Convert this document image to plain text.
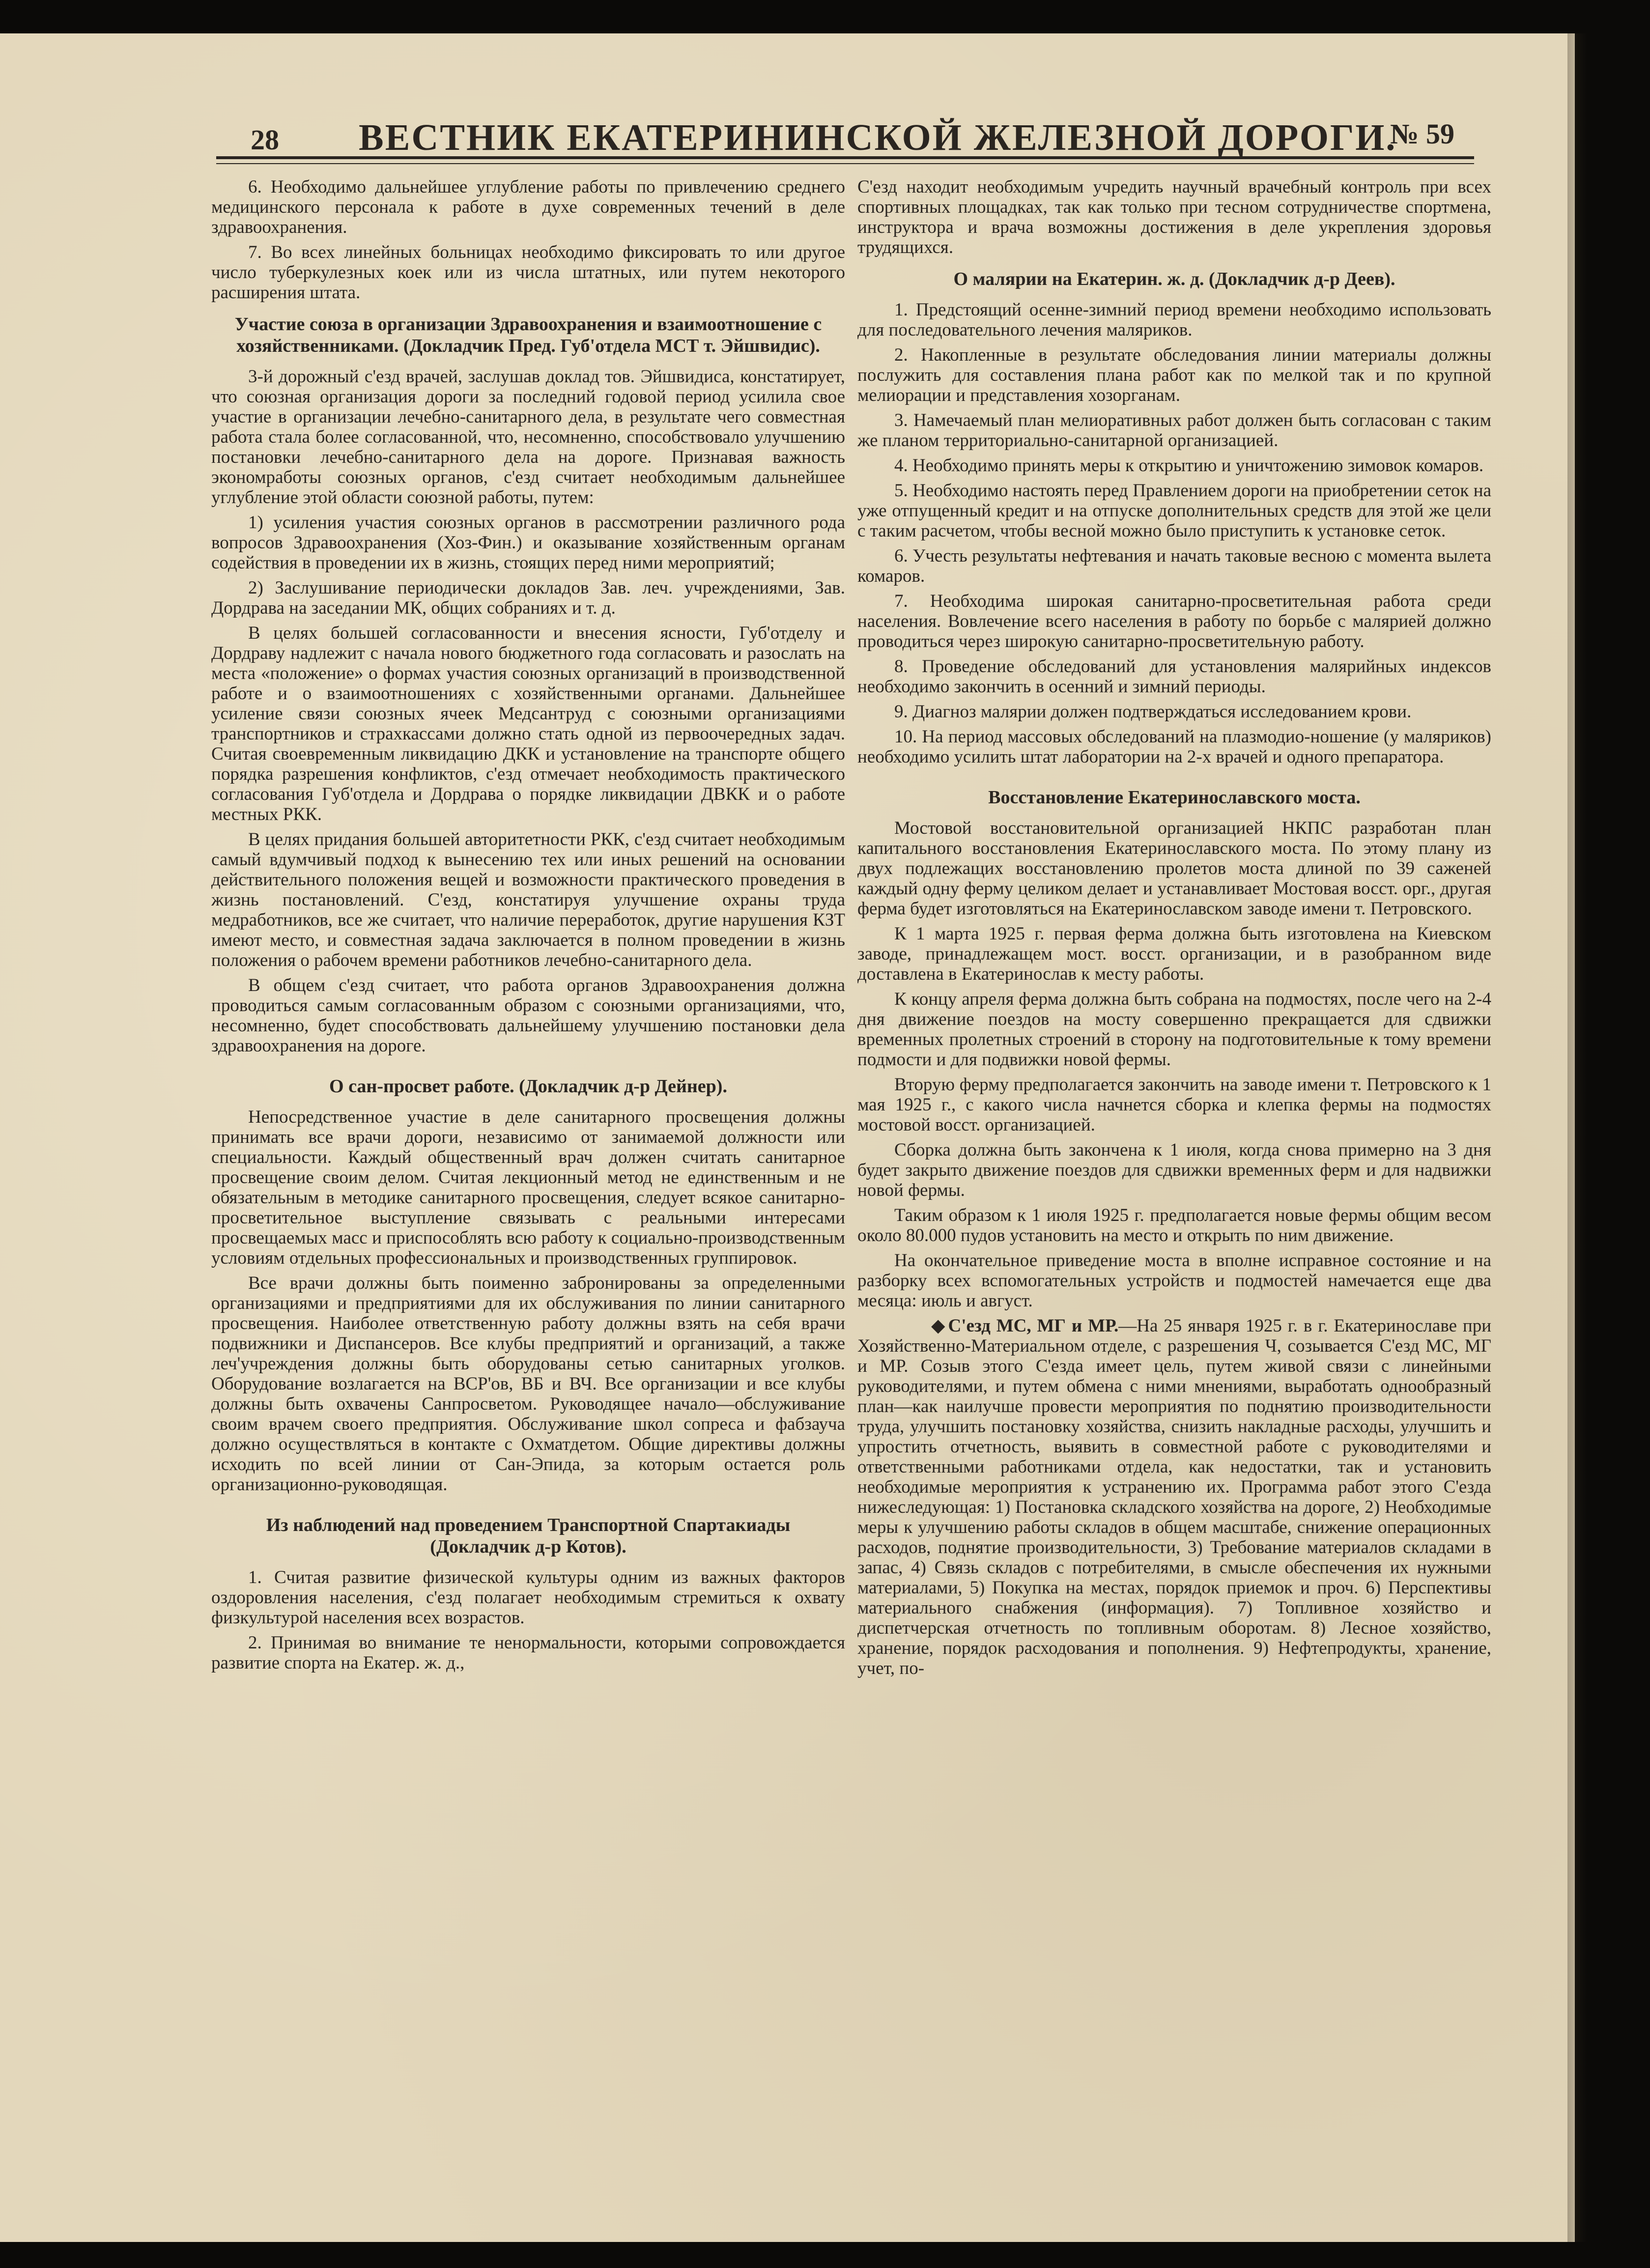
28 ВЕСТНИК ЕКАТЕРИНИНСКОЙ ЖЕЛЕЗНОЙ ДОРОГИ.
№ 59

6. Необходимо дальнейшее углубление работы по привлечению среднего медицинского персонала к работе в духе современных течений в деле здравоохранения.

7. Во всех линейных больницах необходимо фиксировать то или другое число туберкулезных коек или из числа штатных, или путем некоторого расширения штата.

Участие союза в организации Здравоохранения и взаимоотношение с хозяйственниками. (Докладчик Пред. Губ'отдела МСТ т. Эйшвидис).

3-й дорожный с'езд врачей, заслушав доклад тов. Эйшвидиса, констатирует, что союзная организация дороги за последний годовой период усилила свое участие в организации лечебно-санитарного дела, в результате чего совместная работа стала более согласованной, что, несомненно, способствовало улучшению постановки лечебно-санитарного дела на дороге. Признавая важность экономработы союзных органов, с'езд считает необходимым дальнейшее углубление этой области союзной работы, путем:

1) усиления участия союзных органов в рассмотрении различного рода вопросов Здравоохранения (Хоз-Фин.) и оказывание хозяйственным органам содействия в проведении их в жизнь, стоящих перед ними мероприятий;

2) Заслушивание периодически докладов Зав. леч. учреждениями, Зав. Дордрава на заседании МК, общих собраниях и т. д.

В целях большей согласованности и внесения ясности, Губ'отделу и Дордраву надлежит с начала нового бюджетного года согласовать и разослать на места «положение» о формах участия союзных организаций в производственной работе и о взаимоотношениях с хозяйственными органами. Дальнейшее усиление связи союзных ячеек Медсантруд с союзными организациями транспортников и страхкассами должно стать одной из первоочередных задач. Считая своевременным ликвидацию ДКК и установление на транспорте общего порядка разрешения конфликтов, с'езд отмечает необходимость практического согласования Губ'отдела и Дордрава о порядке ликвидации ДВКК и о работе местных РКК.

В целях придания большей авторитетности РКК, с'езд считает необходимым самый вдумчивый подход к вынесению тех или иных решений на основании действительного положения вещей и возможности практического проведения в жизнь постановлений. С'езд, констатируя улучшение охраны труда медработников, все же считает, что наличие переработок, другие нарушения КЗТ имеют место, и совместная задача заключается в полном проведении в жизнь положения о рабочем времени работников лечебно-санитарного дела.

В общем с'езд считает, что работа органов Здравоохранения должна проводиться самым согласованным образом с союзными организациями, что, несомненно, будет способствовать дальнейшему улучшению постановки дела здравоохранения на дороге.

О сан-просвет работе. (Докладчик д-р Дейнер).

Непосредственное участие в деле санитарного просвещения должны принимать все врачи дороги, независимо от занимаемой должности или специальности. Каждый общественный врач должен считать санитарное просвещение своим делом. Считая лекционный метод не единственным и не обязательным в методике санитарного просвещения, следует всякое санитарно-просветительное выступление связывать с реальными интересами просвещаемых масс и приспособлять всю работу к социально-производственным условиям отдельных профессиональных и производственных группировок.

Все врачи должны быть поименно забронированы за определенными организациями и предприятиями для их обслуживания по линии санитарного просвещения. Наиболее ответственную работу должны взять на себя врачи подвижники и Диспансеров. Все клубы предприятий и организаций, а также леч'учреждения должны быть оборудованы сетью санитарных уголков. Оборудование возлагается на ВСР'ов, ВБ и ВЧ. Все организации и все клубы должны быть охвачены Санпросветом. Руководящее начало—обслуживание своим врачем своего предприятия. Обслуживание школ сопреса и фабзауча должно осуществляться в контакте с Охматдетом. Общие директивы должны исходить по всей линии от Сан-Эпида, за которым остается роль организационно-руководящая.

Из наблюдений над проведением Транспортной Спартакиады (Докладчик д-р Котов).

1. Считая развитие физической культуры одним из важных факторов оздоровления населения, с'езд полагает необходимым стремиться к охвату физкультурой населения всех возрастов.

2. Принимая во внимание те ненормальности, которыми сопровождается развитие спорта на Екатер. ж. д.,

С'езд находит необходимым учредить научный врачебный контроль при всех спортивных площадках, так как только при тесном сотрудничестве спортмена, инструктора и врача возможны достижения в деле укрепления здоровья трудящихся.

О малярии на Екатерин. ж. д. (Докладчик д-р Деев).

1. Предстоящий осенне-зимний период времени необходимо использовать для последовательного лечения маляриков.

2. Накопленные в результате обследования линии материалы должны послужить для составления плана работ как по мелкой так и по крупной мелиорации и представления хозорганам.

3. Намечаемый план мелиоративных работ должен быть согласован с таким же планом территориально-санитарной организацией.

4. Необходимо принять меры к открытию и уничтожению зимовок комаров.

5. Необходимо настоять перед Правлением дороги на приобретении сеток на уже отпущенный кредит и на отпуске дополнительных средств для этой же цели с таким расчетом, чтобы весной можно было приступить к установке сеток.

6. Учесть результаты нефтевания и начать таковые весною с момента вылета комаров.

7. Необходима широкая санитарно-просветительная работа среди населения. Вовлечение всего населения в работу по борьбе с малярией должно проводиться через широкую санитарно-просветительную работу.

8. Проведение обследований для установления малярийных индексов необходимо закончить в осенний и зимний периоды.

9. Диагноз малярии должен подтверждаться исследованием крови.

10. На период массовых обследований на плазмодио-ношение (у маляриков) необходимо усилить штат лаборатории на 2-х врачей и одного препаратора.

Восстановление Екатеринославского моста.

Мостовой восстановительной организацией НКПС разработан план капитального восстановления Екатеринославского моста. По этому плану из двух подлежащих восстановлению пролетов моста длиной по 39 саженей каждый одну ферму целиком делает и устанавливает Мостовая восст. орг., другая ферма будет изготовляться на Екатеринославском заводе имени т. Петровского.

К 1 марта 1925 г. первая ферма должна быть изготовлена на Киевском заводе, принадлежащем мост. восст. организации, и в разобранном виде доставлена в Екатеринослав к месту работы.

К концу апреля ферма должна быть собрана на подмостях, после чего на 2-4 дня движение поездов на мосту совершенно прекращается для сдвижки временных пролетных строений в сторону на подготовительные к тому времени подмости и для подвижки новой фермы.

Вторую ферму предполагается закончить на заводе имени т. Петровского к 1 мая 1925 г., с какого числа начнется сборка и клепка фермы на подмостях мостовой восст. организацией.

Сборка должна быть закончена к 1 июля, когда снова примерно на 3 дня будет закрыто движение поездов для сдвижки временных ферм и для надвижки новой фермы.

Таким образом к 1 июля 1925 г. предполагается новые фермы общим весом около 80.000 пудов установить на место и открыть по ним движение.

На окончательное приведение моста в вполне исправное состояние и на разборку всех вспомогательных устройств и подмостей намечается еще два месяца: июль и август.

◆ С'езд МС, МГ и МР.—На 25 января 1925 г. в г. Екатеринославе при Хозяйственно-Материальном отделе, с разрешения Ч, созывается С'езд МС, МГ и МР. Созыв этого С'езда имеет цель, путем живой связи с линейными руководителями, и путем обмена с ними мнениями, выработать однообразный план—как наилучше провести мероприятия по поднятию производительности труда, улучшить постановку хозяйства, снизить накладные расходы, улучшить и упростить отчетность, выявить в совместной работе с руководителями и ответственными работниками отдела, как недостатки, так и установить необходимые мероприятия к устранению их. Программа работ этого С'езда нижеследующая: 1) Постановка складского хозяйства на дороге, 2) Необходимые меры к улучшению работы складов в общем масштабе, снижение операционных расходов, поднятие производительности, 3) Требование материалов складами в запас, 4) Связь складов с потребителями, в смысле обеспечения их нужными материалами, 5) Покупка на местах, порядок приемок и проч. 6) Перспективы материального снабжения (информация). 7) Топливное хозяйство и диспетчерская отчетность по топливным оборотам. 8) Лесное хозяйство, хранение, порядок расходования и пополнения. 9) Нефтепродукты, хранение, учет, по-
